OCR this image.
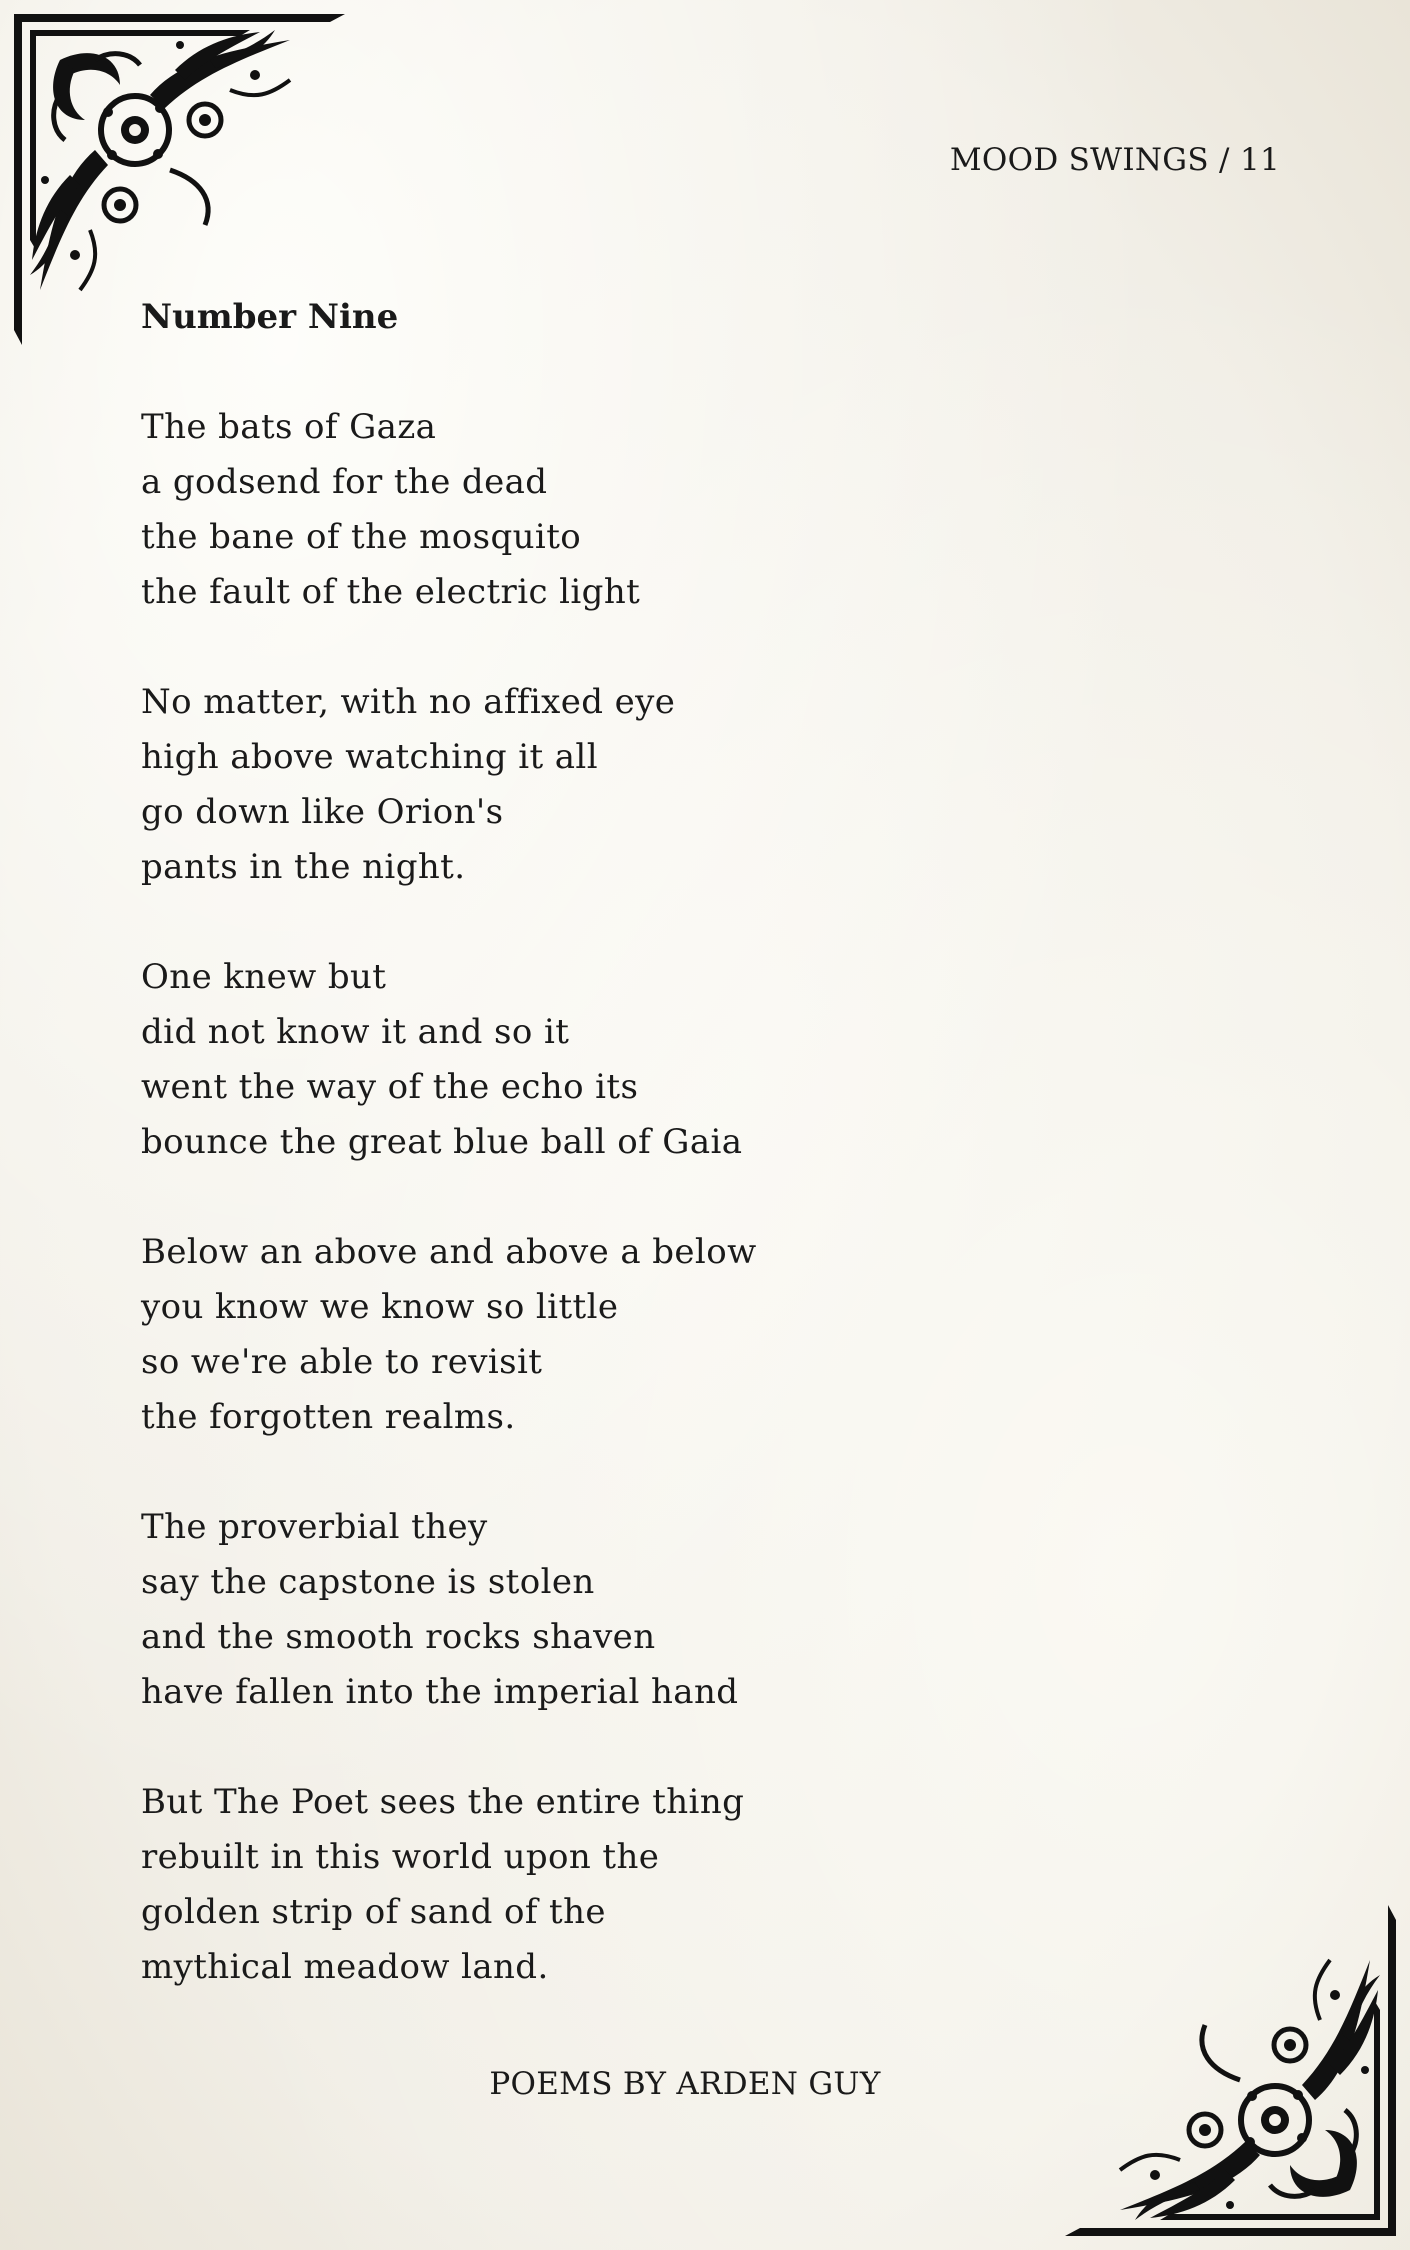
MOOD SWINGS / 11
Number Nine
The bats of Gaza
a godsend for the dead
the bane of the mosquito
the fault of the electric light
No matter, with no affixed eye
high above watching it all
go down like Orion's
pants in the night.
One knew but
did not know it and so it
went the way of the echo its
bounce the great blue ball of Gaia
Below an above and above a below
you know we know so little
so we're able to revisit
the forgotten realms.
The proverbial they
say the capstone is stolen
and the smooth rocks shaven
have fallen into the imperial hand
But The Poet sees the entire thing
rebuilt in this world upon the
golden strip of sand of the
mythical meadow land.
POEMS BY ARDEN GUY
